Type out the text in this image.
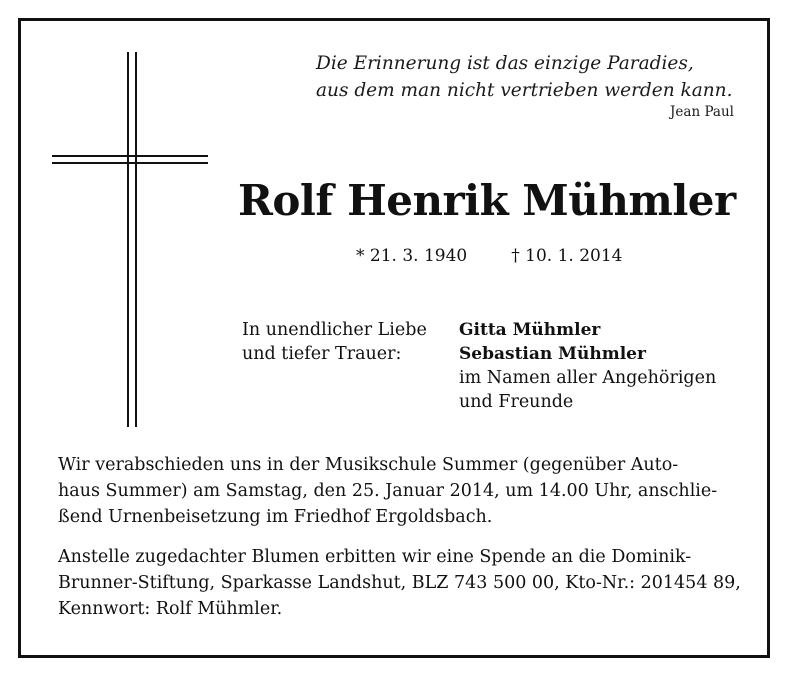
Die Erinnerung ist das einzige Paradies,
aus dem man nicht vertrieben werden kann.
Jean Paul
Rolf Henrik Mühmler
* 21. 3. 1940	† 10. 1. 2014
In unendlicher Liebe
und tiefer Trauer:
Gitta Mühmler
Sebastian Mühmler
im Namen aller Angehörigen
und Freunde
Wir verabschieden uns in der Musikschule Summer (gegenüber Auto-
haus Summer) am Samstag, den 25. Januar 2014, um 14.00 Uhr, anschlie-
ßend Urnenbeisetzung im Friedhof Ergoldsbach.
Anstelle zugedachter Blumen erbitten wir eine Spende an die Dominik-
Brunner-Stiftung, Sparkasse Landshut, BLZ 743 500 00, Kto-Nr.: 201454 89,
Kennwort: Rolf Mühmler.
